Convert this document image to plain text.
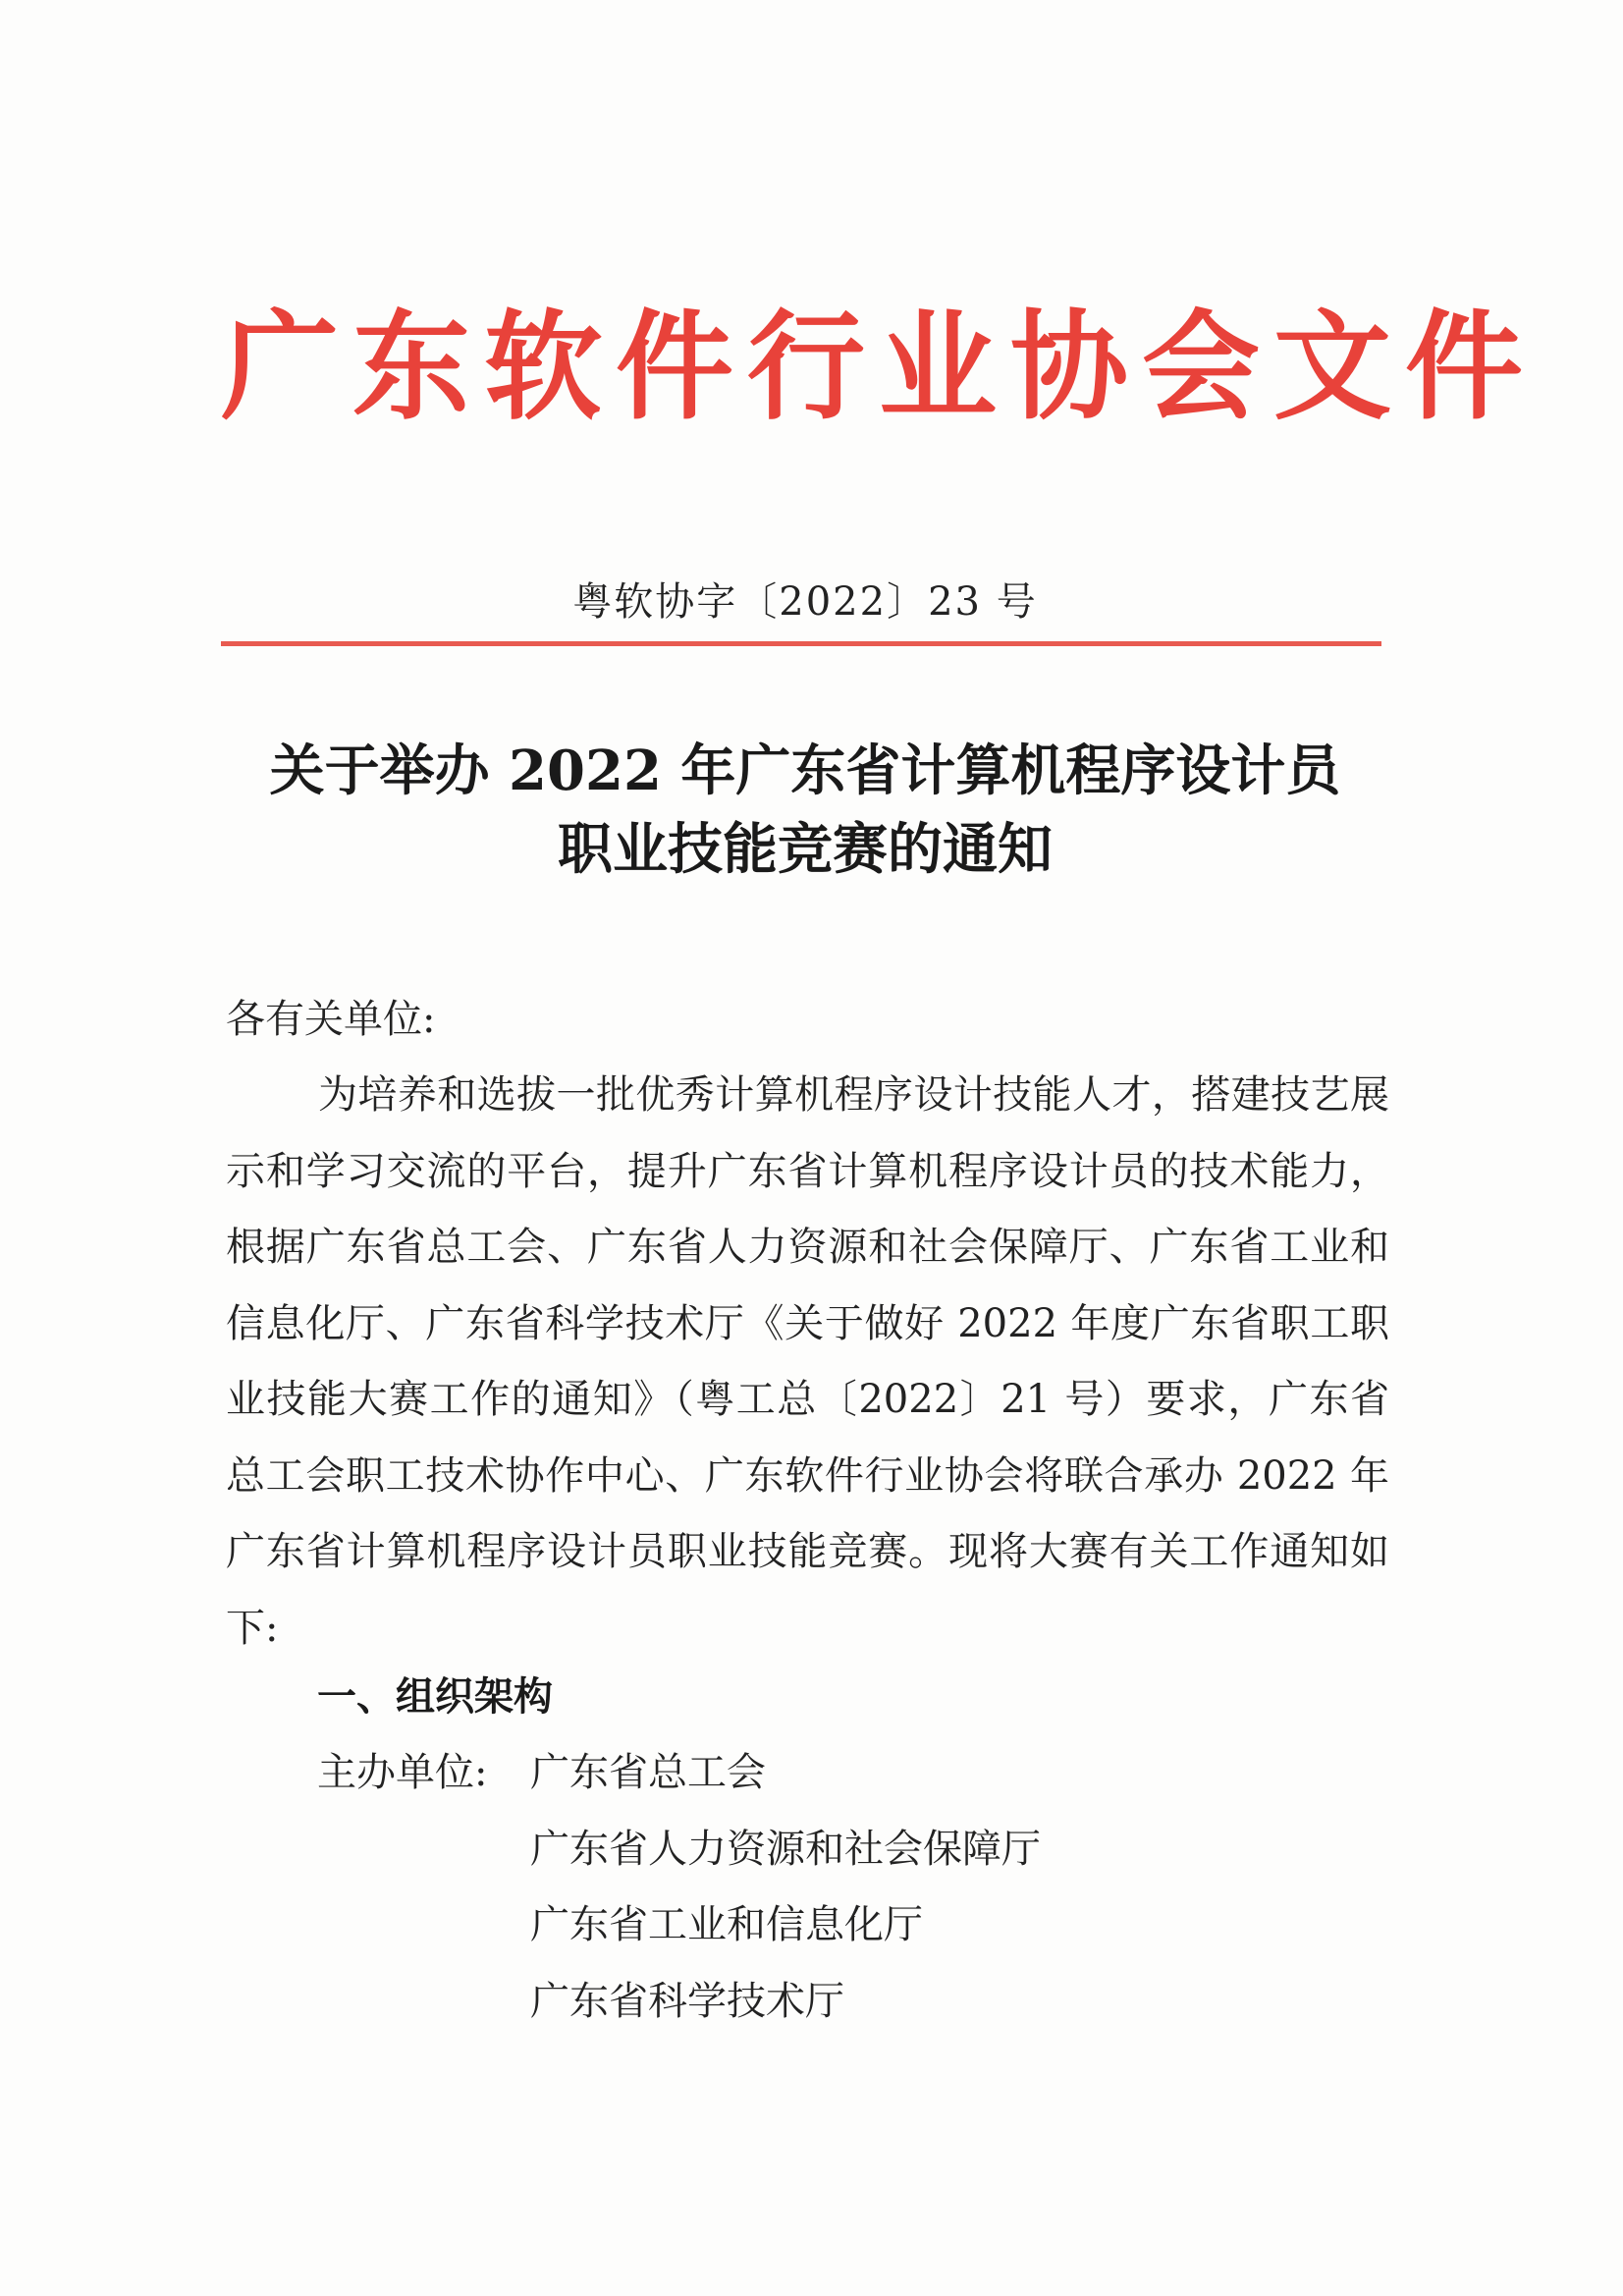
广东软件行业协会文件
粤软协字〔2022〕23 号
关于举办 2022 年广东省计算机程序设计员
职业技能竞赛的通知
各有关单位:
为培养和选拔一批优秀计算机程序设计技能人才，搭建技艺展示和学习交流的平台，提升广东省计算机程序设计员的技术能力，根据广东省总工会、广东省人力资源和社会保障厅、广东省工业和信息化厅、广东省科学技术厅《关于做好 2022 年度广东省职工职业技能大赛工作的通知》（粤工总〔2022〕21 号）要求，广东省总工会职工技术协作中心、广东软件行业协会将联合承办 2022 年广东省计算机程序设计员职业技能竞赛。现将大赛有关工作通知如下:
一、组织架构
主办单位: 广东省总工会
广东省人力资源和社会保障厅
广东省工业和信息化厅
广东省科学技术厅
